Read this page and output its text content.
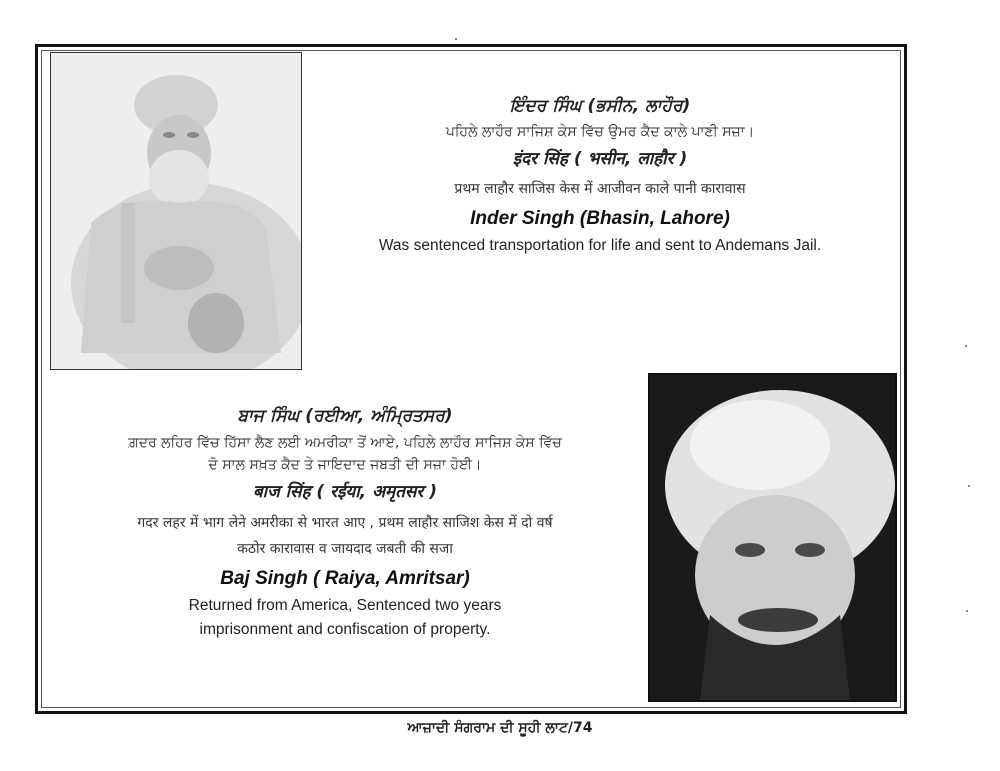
ਇੰਦਰ ਸਿੰਘ (ਭਸੀਨ, ਲਾਹੌਰ)
ਪਹਿਲੇ ਲਾਹੌਰ ਸਾਜਿਸ਼ ਕੇਸ ਵਿੱਚ ਉਮਰ ਕੈਦ ਕਾਲੇ ਪਾਣੀ ਸਜ਼ਾ।
इंदर सिंह ( भसीन, लाहौर )
प्रथम लाहौर साजिस केस में आजीवन काले पानी कारावास
Inder Singh (Bhasin, Lahore)
Was sentenced transportation for life and sent to Andemans Jail.
ਬਾਜ ਸਿੰਘ (ਰਈਆ, ਅੰਮ੍ਰਿਤਸਰ)
ਗ਼ਦਰ ਲਹਿਰ ਵਿੱਚ ਹਿੱਸਾ ਲੈਣ ਲਈ ਅਮਰੀਕਾ ਤੋਂ ਆਏ, ਪਹਿਲੇ ਲਾਹੌਰ ਸਾਜਿਸ਼ ਕੇਸ ਵਿੱਚ
ਦੋ ਸਾਲ ਸਖ਼ਤ ਕੈਦ ਤੇ ਜਾਇਦਾਦ ਜਬਤੀ ਦੀ ਸਜ਼ਾ ਹੋਈ।
बाज सिंह ( रईया, अमृतसर )
गदर लहर में भाग लेने अमरीका से भारत आए , प्रथम लाहौर साजिश केस में दो वर्ष
कठोर कारावास व जायदाद जबती की सजा
Baj Singh ( Raiya, Amritsar)
Returned from America, Sentenced two years
imprisonment and confiscation of property.
ਆਜ਼ਾਦੀ ਸੰਗਰਾਮ ਦੀ ਸੂਹੀ ਲਾਟ/74
